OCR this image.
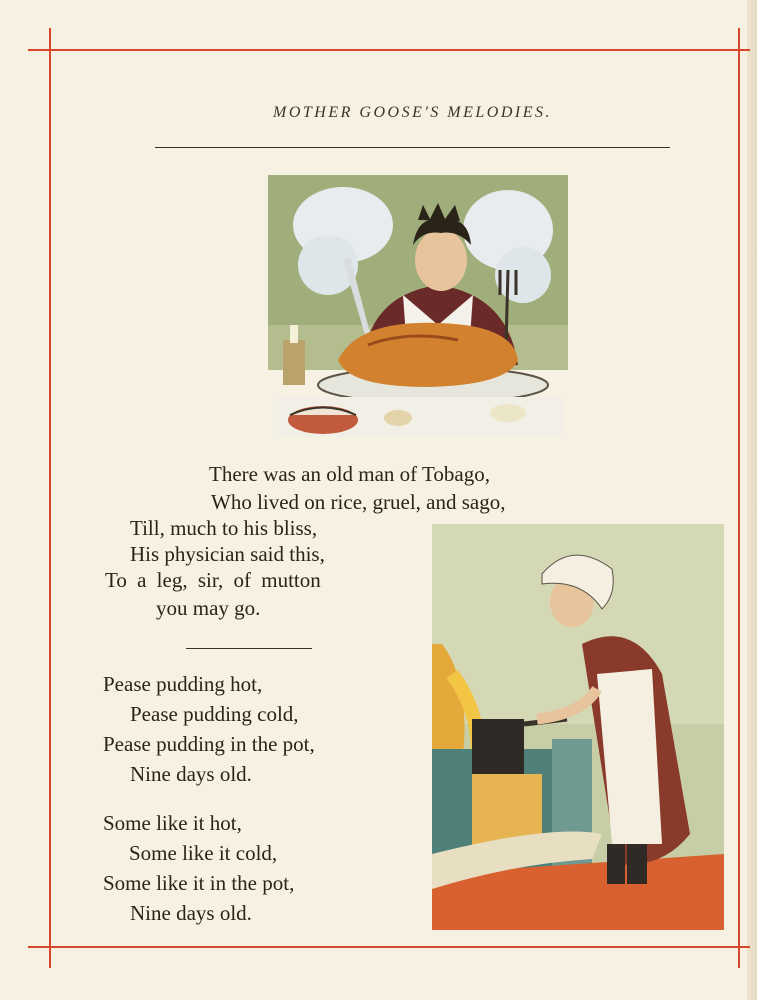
MOTHER GOOSE'S MELODIES.
There was an old man of Tobago,
Who lived on rice, gruel, and sago,
Till, much to his bliss,
His physician said this,
To a leg, sir, of mutton
you may go.
Pease pudding hot,
Pease pudding cold,
Pease pudding in the pot,
Nine days old.
Some like it hot,
Some like it cold,
Some like it in the pot,
Nine days old.
